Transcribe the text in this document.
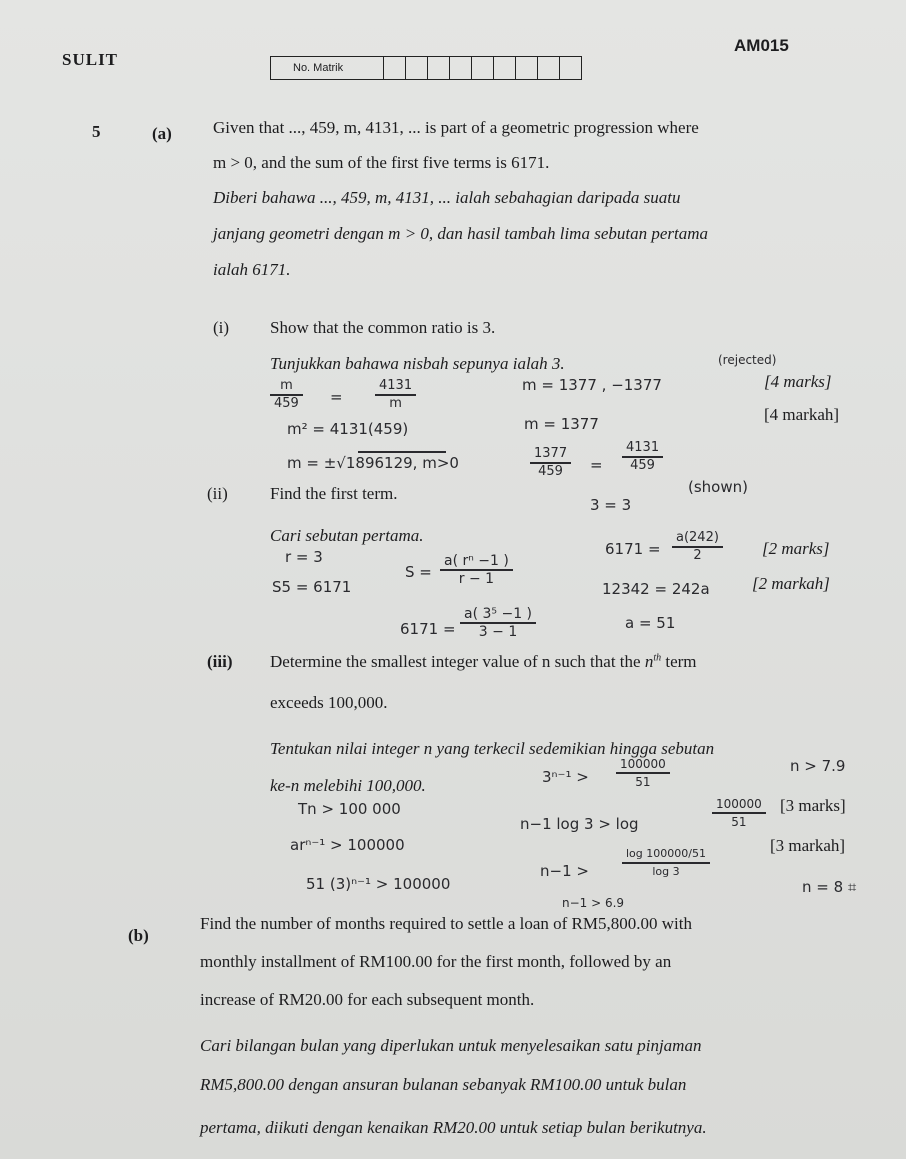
SULIT
AM015
No. Matrik
5	(a) Given that ..., 459, m, 4131, ... is part of a geometric progression where
m > 0, and the sum of the first five terms is 6171.
Diberi bahawa ..., 459, m, 4131, ... ialah sebahagian daripada suatu
janjang geometri dengan m > 0, dan hasil tambah lima sebutan pertama
ialah 6171.
(i) Show that the common ratio is 3.
Tunjukkan bahawa nisbah sepunya ialah 3.
[4 marks]
[4 markah]
m
459 =
4131
m
m = 1377 , −1377
(rejected)
m² = 4131(459)	m = 1377
m = ±√1896129, m>0
1377
459 =
4131
459
3 = 3
(shown)
(ii) Find the first term.
Cari sebutan pertama.
[2 marks]
[2 markah]
r = 3
S5 = 6171
S =
a( rⁿ −1 )
r − 1
6171 =
a(242)
2
12342 = 242a
6171 =
a( 3⁵ −1 )
3 − 1	a = 51
(iii) Determine the smallest integer value of n such that the $n^{th}$ term
exceeds 100,000.
Tentukan nilai integer n yang terkecil sedemikian hingga sebutan
ke-n melebihi 100,000.
[3 marks]
[3 markah]
3ⁿ⁻¹ >
100000
51
n > 7.9
Tn > 100 000
n−1 log 3 > log
100000
51
arⁿ⁻¹ > 100000
n−1 >
log 100000/51
log 3
51 (3)ⁿ⁻¹ > 100000	n = 8 ⌗
n−1 > 6.9
(b)
Find the number of months required to settle a loan of RM5,800.00 with
monthly installment of RM100.00 for the first month, followed by an
increase of RM20.00 for each subsequent month.
Cari bilangan bulan yang diperlukan untuk menyelesaikan satu pinjaman
RM5,800.00 dengan ansuran bulanan sebanyak RM100.00 untuk bulan
pertama, diikuti dengan kenaikan RM20.00 untuk setiap bulan berikutnya.
